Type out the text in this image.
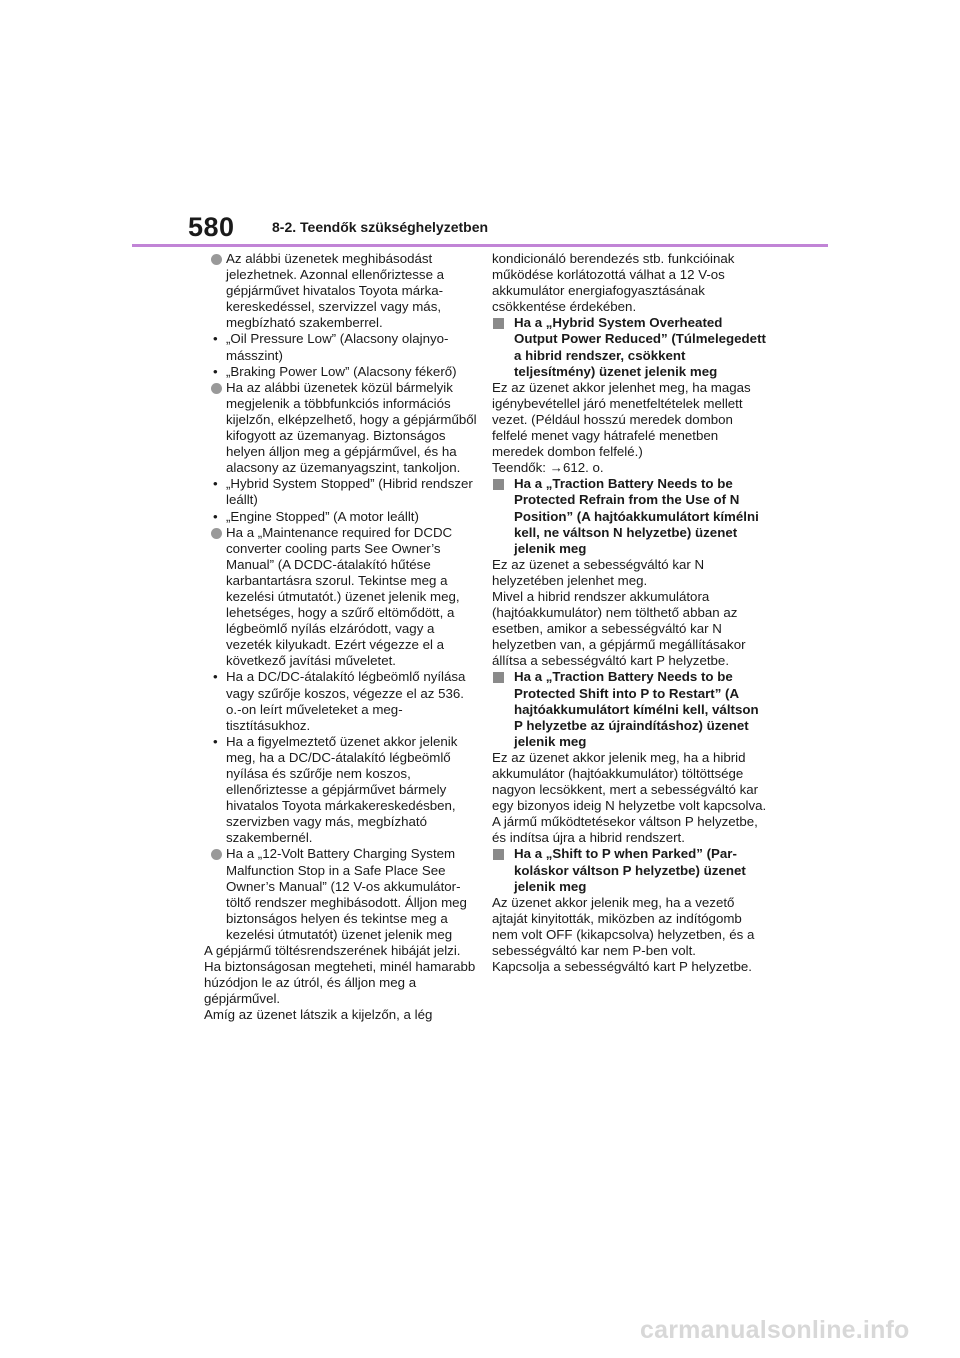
580	8-2. Teendők szükséghelyzetben
Az alábbi üzenetek meghibásodást jelezhetnek. Azonnal ellenőriztesse a gépjárművet hivatalos Toyota márkakereskedéssel, szervizzel vagy más, megbízható szakemberrel.
• „Oil Pressure Low” (Alacsony olajnyomásszint)
• „Braking Power Low” (Alacsony fékerő)
Ha az alábbi üzenetek közül bármelyik megjelenik a többfunkciós információs kijelzőn, elképzelhető, hogy a gépjárműből kifogyott az üzemanyag. Biztonságos helyen álljon meg a gépjárművel, és ha alacsony az üzemanyagszint, tankoljon.
• „Hybrid System Stopped” (Hibrid rendszer leállt)
• „Engine Stopped” (A motor leállt)
Ha a „Maintenance required for DCDC converter cooling parts See Owner’s Manual” (A DCDC-átalakító hűtése karbantartásra szorul. Tekintse meg a kezelési útmutatót.) üzenet jelenik meg, lehetséges, hogy a szűrő eltömődött, a légbeömlő nyílás elzáródott, vagy a vezeték kilyukadt. Ezért végezze el a következő javítási műveletet.
• Ha a DC/DC-átalakító légbeömlő nyílása vagy szűrője koszos, végezze el az 536. o.-on leírt műveleteket a megtisztításukhoz.
• Ha a figyelmeztető üzenet akkor jelenik meg, ha a DC/DC-átalakító légbeömlő nyílása és szűrője nem koszos, ellenőriztesse a gépjárművet bármely hivatalos Toyota márkakereskedésben, szervizben vagy más, megbízható szakembernél.
Ha a „12-Volt Battery Charging System Malfunction Stop in a Safe Place See Owner’s Manual” (12 V-os akkumulátor-töltő rendszer meghibásodott. Álljon meg biztonságos helyen és tekintse meg a kezelési útmutatót) üzenet jelenik meg
A gépjármű töltésrendszerének hibáját jelzi. Ha biztonságosan megteheti, minél hamarabb húzódjon le az útról, és álljon meg a gépjárművel.
Amíg az üzenet látszik a kijelzőn, a lég
kondicionáló berendezés stb. funkcióinak működése korlátozottá válhat a 12 V-os akkumulátor energiafogyasztásának csökkentése érdekében.
Ha a „Hybrid System Overheated Output Power Reduced” (Túlmelegedett a hibrid rendszer, csökkent teljesítmény) üzenet jelenik meg
Ez az üzenet akkor jelenhet meg, ha magas igénybevétellel járó menetfeltételek mellett vezet. (Például hosszú meredek dombon felfelé menet vagy hátrafelé menetben meredek dombon felfelé.)
Teendők: →612. o.
Ha a „Traction Battery Needs to be Protected Refrain from the Use of N Position” (A hajtóakkumulátort kímélni kell, ne váltson N helyzetbe) üzenet jelenik meg
Ez az üzenet a sebességváltó kar N helyzetében jelenhet meg.
Mivel a hibrid rendszer akkumulátora (hajtóakkumulátor) nem tölthető abban az esetben, amikor a sebességváltó kar N helyzetben van, a gépjármű megállításakor állítsa a sebességváltó kart P helyzetbe.
Ha a „Traction Battery Needs to be Protected Shift into P to Restart” (A hajtóakkumulátort kímélni kell, váltson P helyzetbe az újraindításhoz) üzenet jelenik meg
Ez az üzenet akkor jelenik meg, ha a hibrid akkumulátor (hajtóakkumulátor) töltöttsége nagyon lecsökkent, mert a sebességváltó kar egy bizonyos ideig N helyzetbe volt kapcsolva.
A jármű működtetésekor váltson P helyzetbe, és indítsa újra a hibrid rendszert.
Ha a „Shift to P when Parked” (Parkoláskor váltson P helyzetbe) üzenet jelenik meg
Az üzenet akkor jelenik meg, ha a vezető ajtaját kinyitották, miközben az indítógomb nem volt OFF (kikapcsolva) helyzetben, és a sebességváltó kar nem P-ben volt.
Kapcsolja a sebességváltó kart P helyzetbe.
carmanualsonline.info
